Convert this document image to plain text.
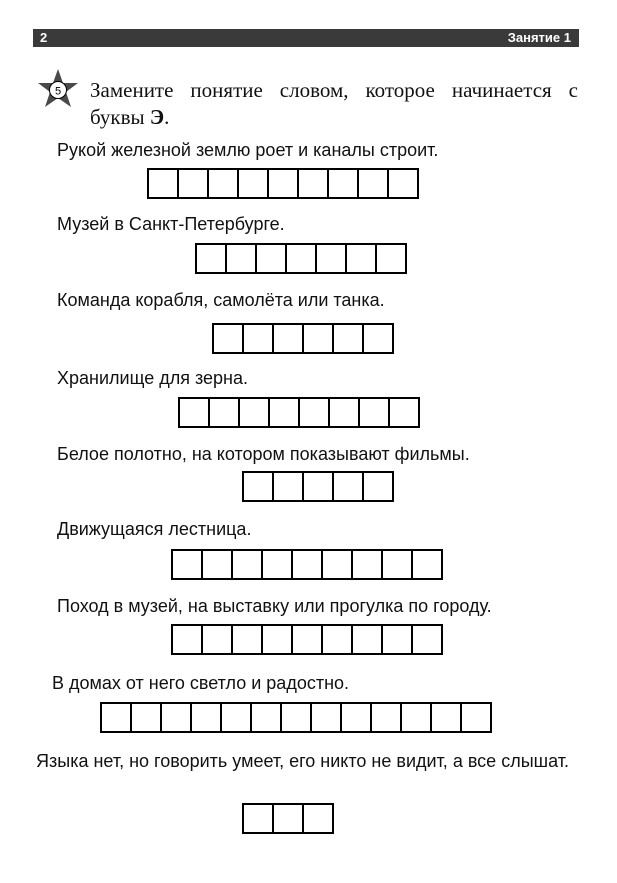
2	Занятие 1
5 Замените понятие словом, которое начинается с буквы Э.
Рукой железной землю роет и каналы строит.
Музей в Санкт-Петербурге.
Команда корабля, самолёта или танка.
Хранилище для зерна.
Белое полотно, на котором показывают фильмы.
Движущаяся лестница.
Поход в музей, на выставку или прогулка по городу.
В домах от него светло и радостно.
Языка нет, но говорить умеет, его никто не видит, а все слышат.
